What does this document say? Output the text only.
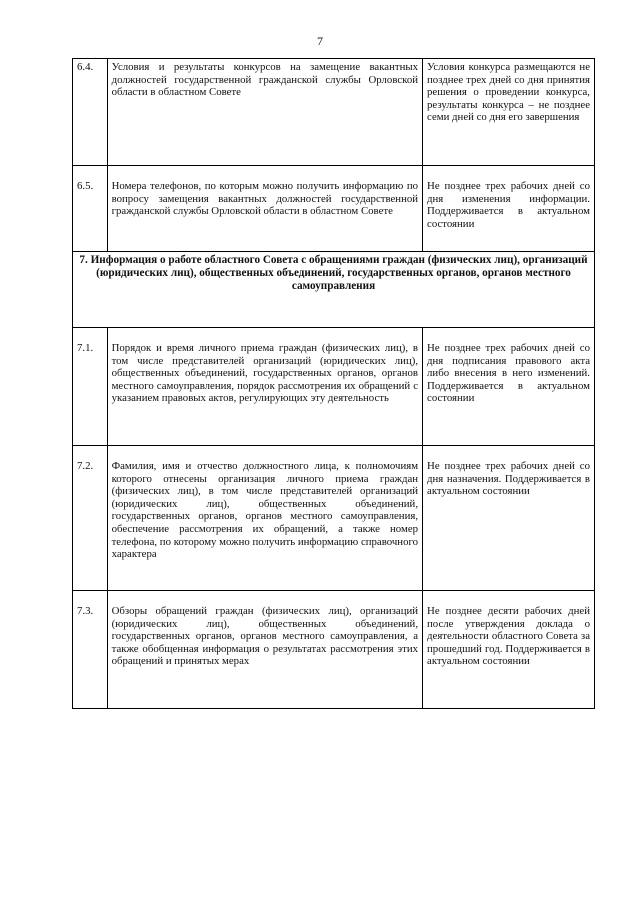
7
6.4.	Условия и результаты конкурсов на замещение вакантных должностей государственной гражданской службы Орловской области в областном Совете	Условия конкурса размещаются не позднее трех дней со дня принятия решения о проведении конкурса, результаты конкурса – не позднее семи дней со дня его завершения
6.5.	Номера телефонов, по которым можно получить информацию по вопросу замещения вакантных должностей государственной гражданской службы Орловской области в областном Совете	Не позднее трех рабочих дней со дня изменения информации. Поддерживается в актуальном состоянии
7. Информация о работе областного Совета с обращениями граждан (физических лиц), организаций (юридических лиц), общественных объединений, государственных органов, органов местного самоуправления		
7.1.	Порядок и время личного приема граждан (физических лиц), в том числе представителей организаций (юридических лиц), общественных объединений, государственных органов, органов местного самоуправления, порядок рассмотрения их обращений с указанием правовых актов, регулирующих эту деятельность	Не позднее трех рабочих дней со дня подписания правового акта либо внесения в него изменений. Поддерживается в актуальном состоянии
7.2.	Фамилия, имя и отчество должностного лица, к полномочиям которого отнесены организация личного приема граждан (физических лиц), в том числе представителей организаций (юридических лиц), общественных объединений, государственных органов, органов местного самоуправления, обеспечение рассмотрения их обращений, а также номер телефона, по которому можно получить информацию справочного характера	Не позднее трех рабочих дней со дня назначения. Поддерживается в актуальном состоянии
7.3.	Обзоры обращений граждан (физических лиц), организаций (юридических лиц), общественных объединений, государственных органов, органов местного самоуправления, а также обобщенная информация о результатах рассмотрения этих обращений и принятых мерах	Не позднее десяти рабочих дней после утверждения доклада о деятельности областного Совета за прошедший год. Поддерживается в актуальном состоянии
